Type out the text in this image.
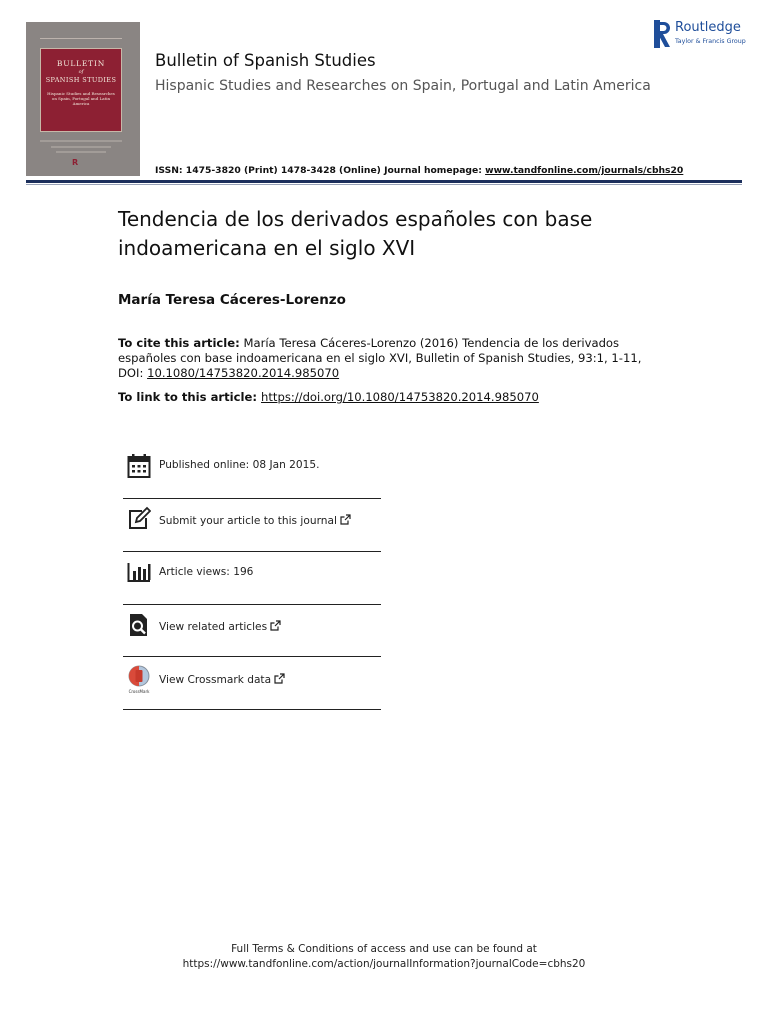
BULLETIN
of
SPANISH STUDIES
Hispanic Studies and Researches on Spain, Portugal and Latin America
R
Bulletin of Spanish Studies
Hispanic Studies and Researches on Spain, Portugal and Latin America
ISSN: 1475-3820 (Print) 1478-3428 (Online) Journal homepage: www.tandfonline.com/journals/cbhs20
Routledge
Taylor & Francis Group
Tendencia de los derivados españoles con base indoamericana en el siglo XVI
María Teresa Cáceres-Lorenzo
To cite this article: María Teresa Cáceres-Lorenzo (2016) Tendencia de los derivados españoles con base indoamericana en el siglo XVI, Bulletin of Spanish Studies, 93:1, 1-11, DOI: 10.1080/14753820.2014.985070
To link to this article: https://doi.org/10.1080/14753820.2014.985070
Published online: 08 Jan 2015.
Submit your article to this journal
Article views: 196
View related articles
CrossMark
View Crossmark data
Full Terms & Conditions of access and use can be found at
https://www.tandfonline.com/action/journalInformation?journalCode=cbhs20
